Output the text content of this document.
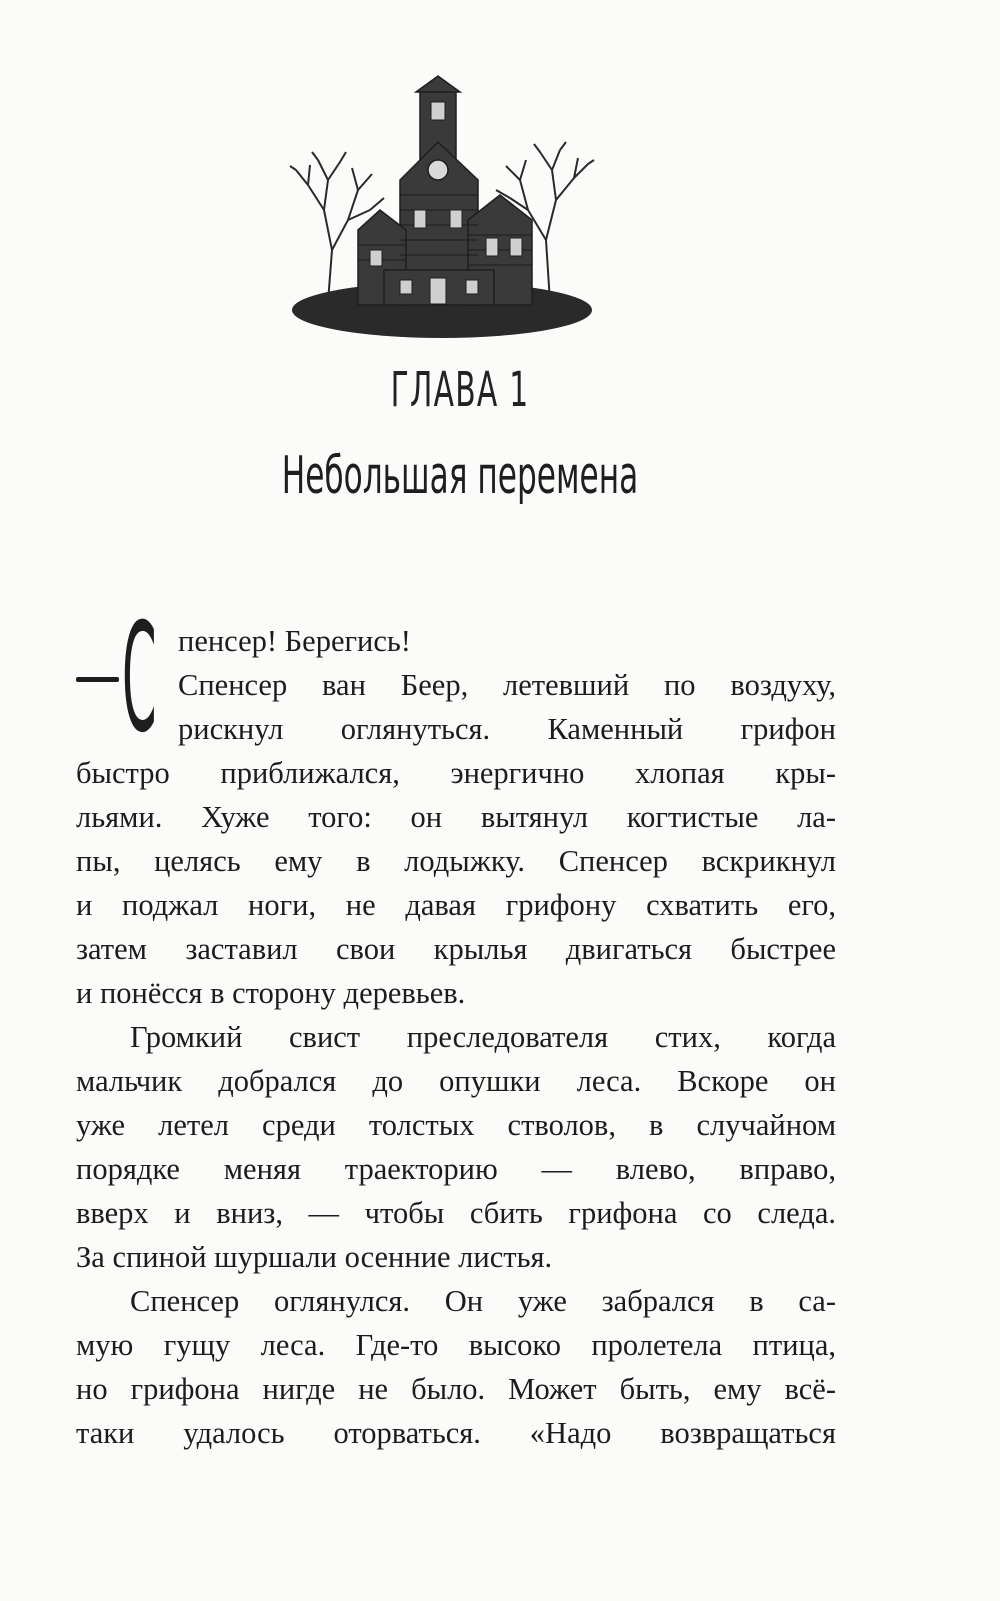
ГЛАВА 1
Небольшая перемена
С пенсер! Берегись!
Спенсер ван Беер, летевший по воздуху,
рискнул оглянуться. Каменный грифон
быстро приближался, энергично хлопая кры-
льями. Хуже того: он вытянул когтистые ла-
пы, целясь ему в лодыжку. Спенсер вскрикнул
и поджал ноги, не давая грифону схватить его,
затем заставил свои крылья двигаться быстрее
и понёсся в сторону деревьев.
Громкий свист преследователя стих, когда
мальчик добрался до опушки леса. Вскоре он
уже летел среди толстых стволов, в случайном
порядке меняя траекторию — влево, вправо,
вверх и вниз, — чтобы сбить грифона со следа.
За спиной шуршали осенние листья.
Спенсер оглянулся. Он уже забрался в са-
мую гущу леса. Где-то высоко пролетела птица,
но грифона нигде не было. Может быть, ему всё-
таки удалось оторваться. «Надо возвращаться
